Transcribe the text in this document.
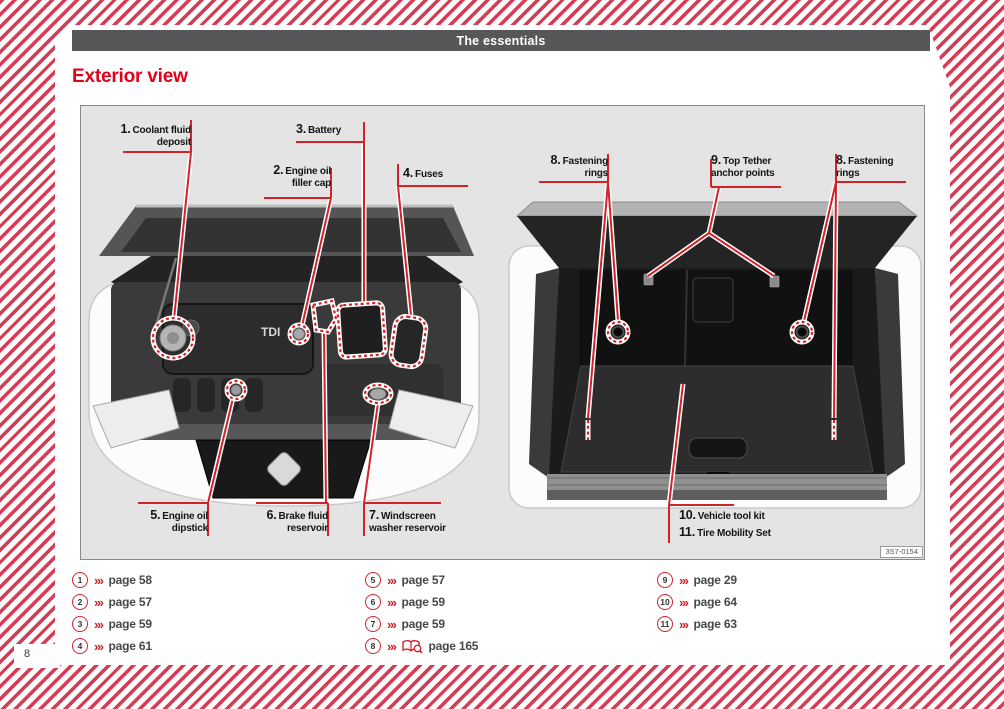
8
The essentials
Exterior view
TDI
1. Coolant fluid deposit
2. Engine oil filler cap
3. Battery
4. Fuses
5. Engine oil dipstick
6. Brake fluid reservoir
7. Windscreen washer reservoir
8. Fastening rings
9. Top Tether anchor points
8. Fastening rings
10. Vehicle tool kit
11. Tire Mobility Set
3S7-0154
1 ››› page 58
2 ››› page 57
3 ››› page 59
4 ››› page 61
5 ››› page 57
6 ››› page 59
7 ››› page 59
8 ›››	page 165
9 ››› page 29
10 ››› page 64
11 ››› page 63
